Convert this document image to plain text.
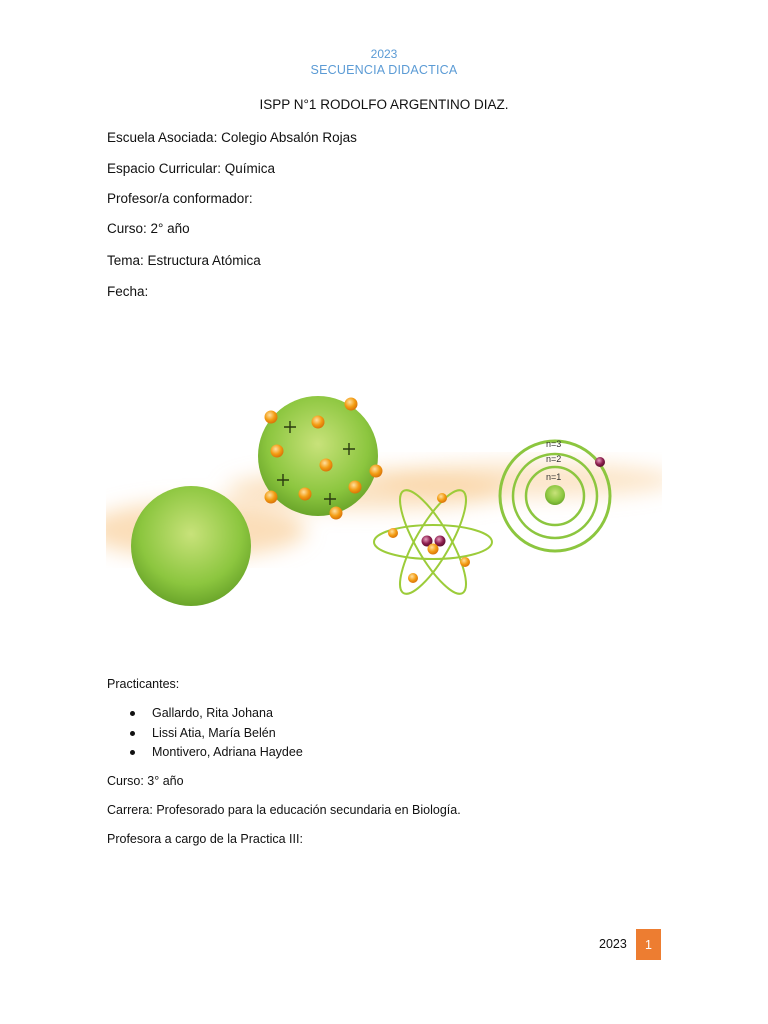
2023
SECUENCIA DIDACTICA
ISPP N°1 RODOLFO ARGENTINO DIAZ.
Escuela Asociada: Colegio Absalón Rojas
Espacio Curricular: Química
Profesor/a conformador:
Curso: 2° año
Tema: Estructura Atómica
Fecha:
n=3
n=2
n=1
Practicantes:
Gallardo, Rita Johana
Lissi Atia, María Belén
Montivero, Adriana Haydee
Curso: 3° año
Carrera: Profesorado para la educación secundaria en Biología.
Profesora a cargo de la Practica III:
2023	1
